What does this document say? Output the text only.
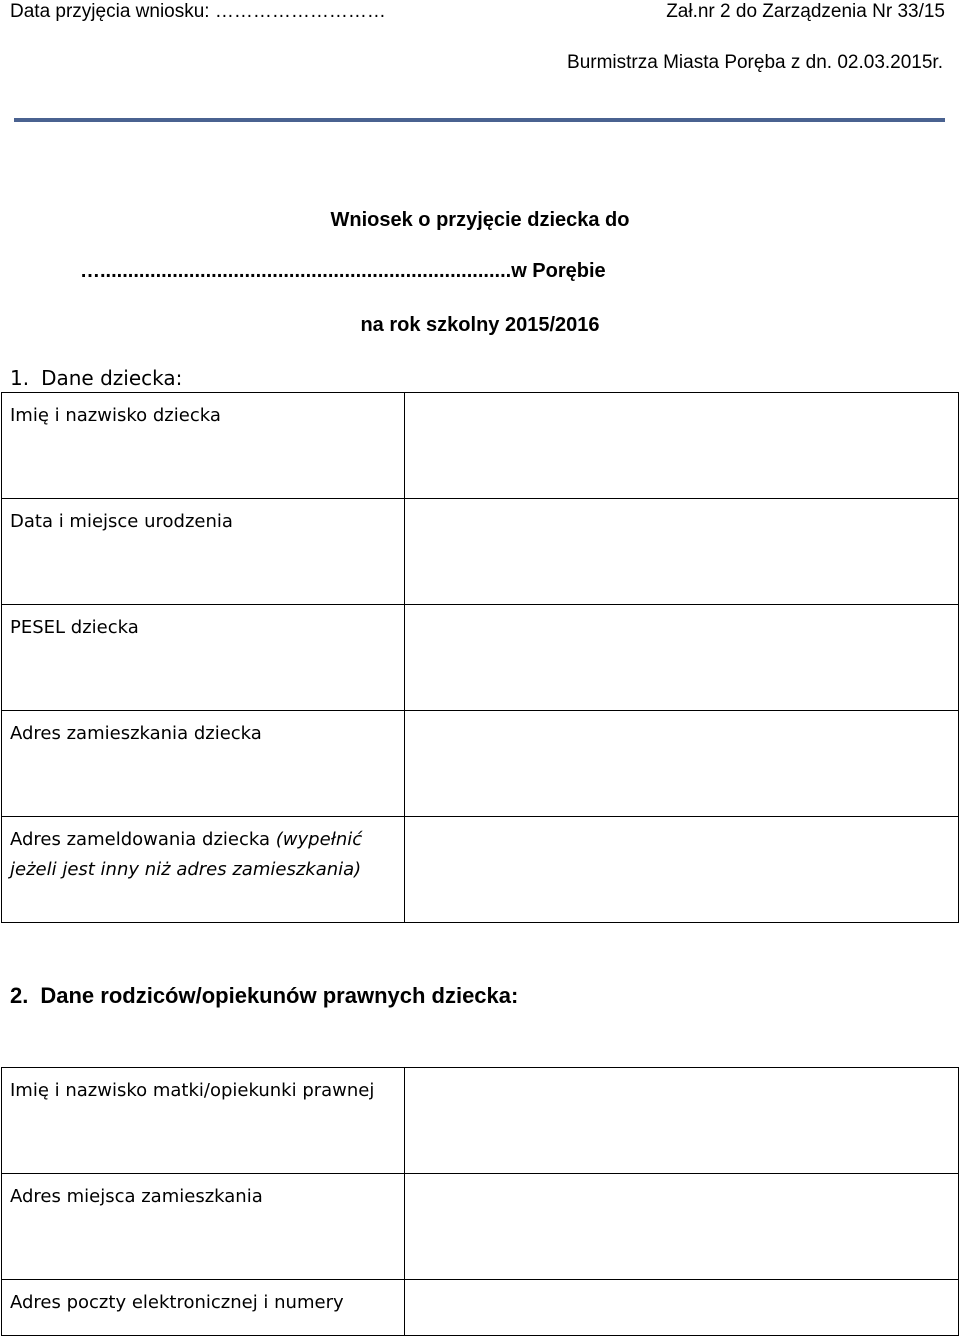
Data przyjęcia wniosku: ………………………	Zał.nr 2 do Zarządzenia Nr 33/15
Burmistrza Miasta Poręba z dn. 02.03.2015r.
Wniosek o przyjęcie dziecka do
…..........................................................................w Porębie
na rok szkolny 2015/2016
1. Dane dziecka:
Imię i nazwisko dziecka	
Data i miejsce urodzenia	
PESEL dziecka	
Adres zamieszkania dziecka	
Adres zameldowania dziecka (wypełnić jeżeli jest inny niż adres zamieszkania)	
2. Dane rodziców/opiekunów prawnych dziecka:
Imię i nazwisko matki/opiekunki prawnej	
Adres miejsca zamieszkania	
Adres poczty elektronicznej i numery	
